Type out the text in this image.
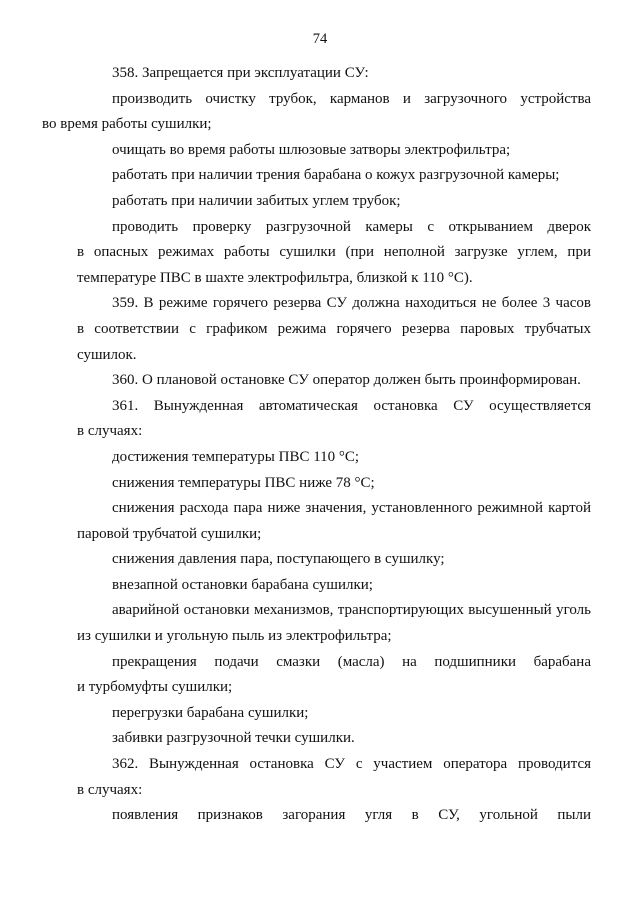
74

358. Запрещается при эксплуатации СУ:

производить очистку трубок, карманов и загрузочного устройства
во время работы сушилки;

очищать во время работы шлюзовые затворы электрофильтра;

работать при наличии трения барабана о кожух разгрузочной камеры;

работать при наличии забитых углем трубок;

проводить проверку разгрузочной камеры с открыванием дверок
в опасных режимах работы сушилки (при неполной загрузке углем, при
температуре ПВС в шахте электрофильтра, близкой к 110 °С).

359. В режиме горячего резерва СУ должна находиться не более 3 часов
в соответствии с графиком режима горячего резерва паровых трубчатых
сушилок.

360. О плановой остановке СУ оператор должен быть проинформирован.

361. Вынужденная автоматическая остановка СУ осуществляется
в случаях:

достижения температуры ПВС 110 °С;

снижения температуры ПВС ниже 78 °С;

снижения расхода пара ниже значения, установленного режимной картой
паровой трубчатой сушилки;

снижения давления пара, поступающего в сушилку;

внезапной остановки барабана сушилки;

аварийной остановки механизмов, транспортирующих высушенный уголь
из сушилки и угольную пыль из электрофильтра;

прекращения подачи смазки (масла) на подшипники барабана
и турбомуфты сушилки;

перегрузки барабана сушилки;

забивки разгрузочной течки сушилки.

362. Вынужденная остановка СУ с участием оператора проводится
в случаях:

появления признаков загорания угля в СУ, угольной пыли
